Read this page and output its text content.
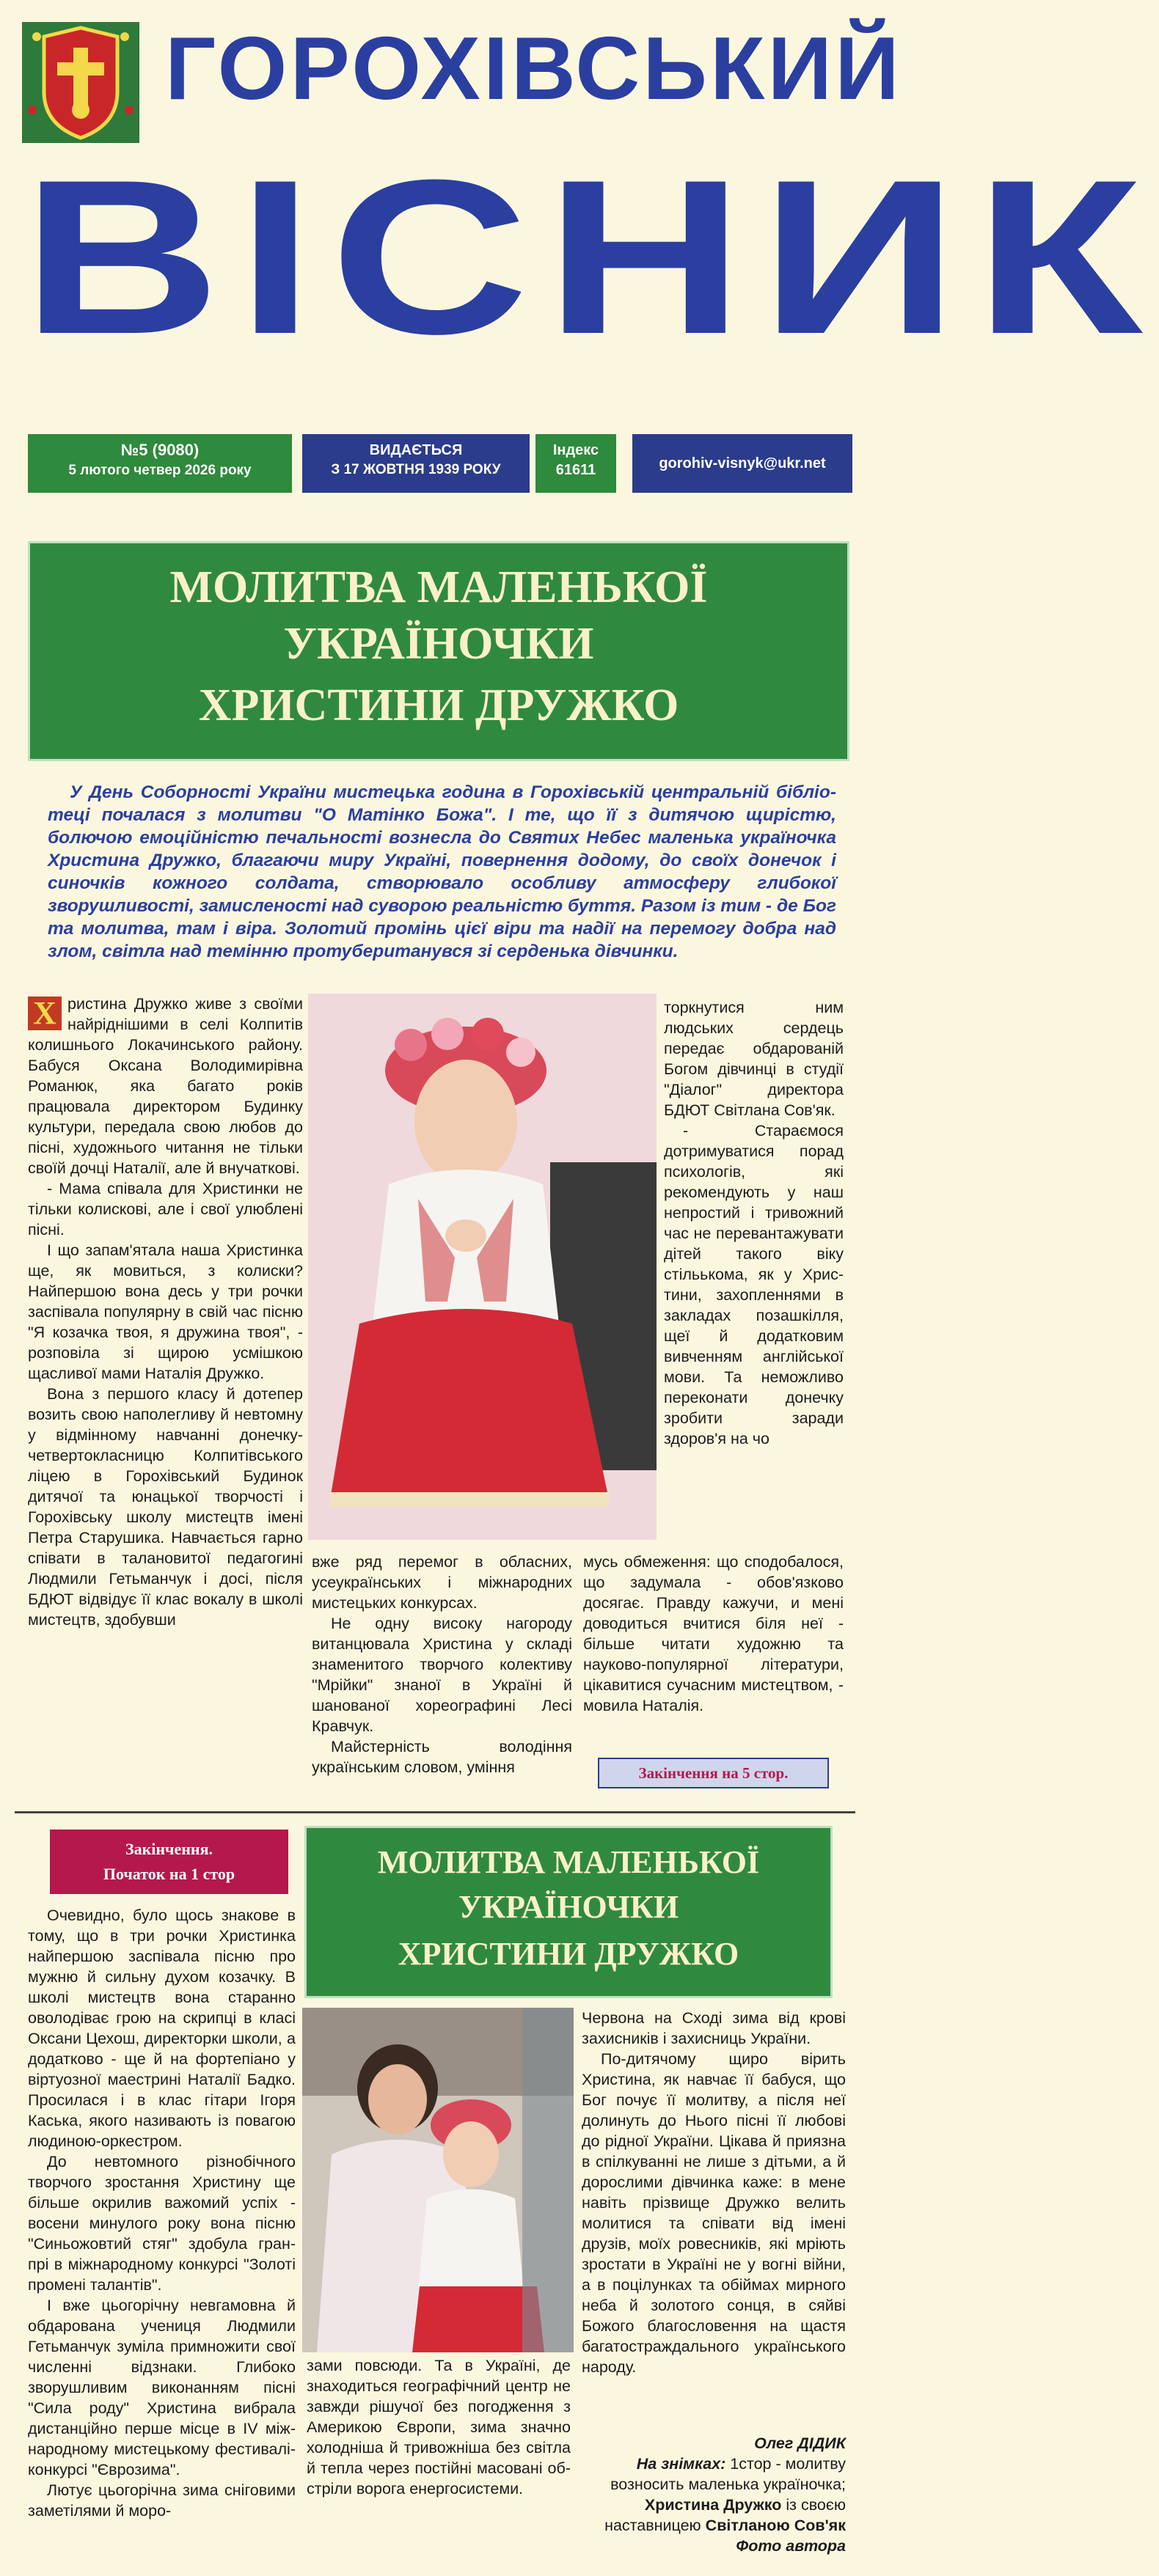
ГОРОХІВСЬКИЙ
ВІСНИК
№5 (9080)
5 лютого четвер 2026 року
ВИДАЄТЬСЯ
З 17 ЖОВТНЯ 1939 РОКУ
Індекс
61611	gorohiv-visnyk@ukr.net
МОЛИТВА МАЛЕНЬКОЇ
УКРАЇНОЧКИ
ХРИСТИНИ ДРУЖКО
У День Соборності України мистецька година в Горохівській центральній бібліотеці почалася з молитви "О Матінко Божа". І те, що її з дитячою щирістю, болючою емоційністю печальності вознесла до Святих Небес маленька україночка Христина Дружко, благаючи миру Україні, повернення додому, до своїх донечок і синочків кожного солдата, створювало особливу атмосферу глибокої зворушливості, замисленості над суворою реальністю буття. Разом із тим - де Бог та молитва, там і віра. Золотий промінь цієї віри та надії на перемогу добра над злом, світла над темінню протубеританувся зі серденька дівчинки.

Х ристина Дружко живе з своїми найріднішими в селі Колпитів колишнього Локачинського району. Бабуся Оксана Володимирівна Романюк, яка багато років працювала директором Будинку культури, передала свою любов до пісні, художнього читання не тільки своїй дочці Наталії, але й внучаткові.

- Мама співала для Христинки не тільки колискові, але і свої улюблені пісні.

І що запам'ятала наша Христинка ще, як мовиться, з колиски? Найпершою вона десь у три рочки заспівала популярну в свій час пісню "Я козачка твоя, я дружина твоя", - розповіла зі щирою усмішкою щасливої мами Наталія Дружко.

Вона з першого класу й дотепер возить свою наполегливу й невтомну у відмінному навчанні донечку-четвертокласницю Колпитівського ліцею в Горохівський Будинок дитячої та юнацької творчості і Горохівську школу мистецтв імені Петра Старушика. Навчається гарно співати в талановитої педагогині Людмили Гетьманчук і досі, після БДЮТ відвідує її клас вокалу в школі мистецтв, здобувши

торкнутися ним людських сердець передає обдарованій Богом дівчинці в студії "Діалог" директора БДЮТ Світлана Сов'як.

- Стараємося дотримуватися порад психологів, які рекомендують у наш непростий і тривожний час не перевантажувати дітей такого віку стільькома, як у Христини, захопленнями в закладах позашкілля, щеї й додатковим вивченням англійської мови. Та неможливо переконати донечку зробити заради здоров'я на чо

вже ряд перемог в обласних, усеукраїнських і міжнародних мистецьких конкурсах.

Не одну високу нагороду витанцювала Христина у складі знаменитого творчого колективу "Мрійки" знаної в Україні й шанованої хореографині Лесі Кравчук.

Майстерність володіння українським словом, уміння

мусь обмеження: що сподобалося, що задумала - обов'язково досягає. Правду кажучи, и мені доводиться вчитися біля неї - більше читати художню та науково-популярної літератури, цікавитися сучасним мистецтвом, - мовила Наталія.

Закінчення на 5 стор.
Закінчення.
Початок на 1 стор	МОЛИТВА МАЛЕНЬКОЇ
УКРАЇНОЧКИ
ХРИСТИНИ ДРУЖКО

Очевидно, було щось знакове в тому, що в три рочки Христинка найпершою заспівала пісню про мужню й сильну духом козачку. В школі мистецтв вона старанно оволодіває грою на скрипці в класі Оксани Цехош, директорки школи, а додатково - ще й на фортепіано у віртуозної маестрині Наталії Бадко. Просилася і в клас гітари Ігоря Каська, якого називають із повагою людиною-оркестром.

До невтомного різнобічного творчого зростання Христину ще більше окрилив важомий успіх - восени минулого року вона пісню "Синьожовтий стяг" здобула гран-прі в міжнародному конкурсі "Золоті промені талантів".

І вже цьогорічну невгамовна й обдарована учениця Людмили Гетьманчук зуміла примножити свої численні відзнаки. Глибоко зворушливим виконанням пісні "Сила роду" Христина вибрала дистанційно перше місце в IV міжнародному мистецькому фестивалі-конкурсі "Єврозима".

Лютує цьогорічна зима сніговими заметілями й моро-

зами повсюди. Та в Україні, де знаходиться географічний центр не завжди рішучої без погодження з Америкою Європи, зима значно холодніша й тривожніша без світла й тепла через постійні масовані обстріли ворога енергосистеми.

Червона на Сході зима від крові захисників і захисниць України.

По-дитячому щиро вірить Христина, як навчає її бабуся, що Бог почує її молитву, а після неї долинуть до Нього пісні її любові до рідної України. Цікава й приязна в спілкуванні не лише з дітьми, а й дорослими дівчинка каже: в мене навіть прізвище Дружко велить молитися та співати від імені друзів, моїх ровесників, які мріють зростати в Україні не у вогні війни, а в поцілунках та обіймах мирного неба й золотого сонця, в сяйві Божого благословення на щастя багатостраждального українського народу.

Олег ДІДИК
На знімках: 1стор - молитву возносить маленька україночка; Христина Дружко із своєю наставницею Світланою Сов'як
Фото автора
